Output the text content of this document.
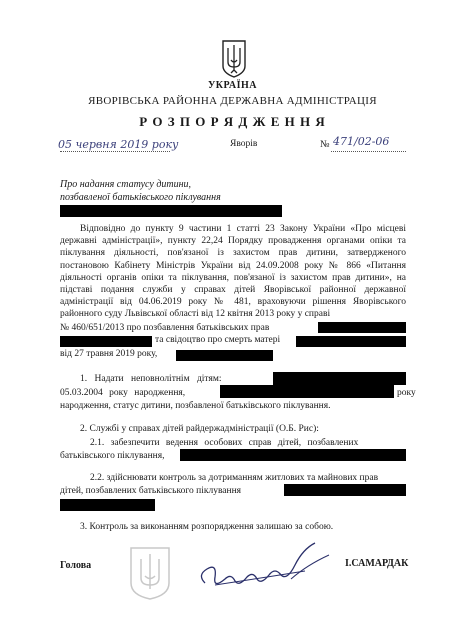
УКРАЇНА
ЯВОРІВСЬКА РАЙОННА ДЕРЖАВНА АДМІНІСТРАЦІЯ
Р О З П О Р Я Д Ж Е Н Н Я
05 червня 2019 року	Яворів	№ 471/02-06

Про надання статусу дитини,

позбавленої батьківського піклування

Відповідно до пункту 9 частини 1 статті 23 Закону України «Про місцеві державні адміністрації», пункту 22,24 Порядку провадження органами опіки та піклування діяльності, пов'язаної із захистом прав дитини, затвердженого постановою Кабінету Міністрів України від 24.09.2008 року № 866 «Питання діяльності органів опіки та піклування, пов'язаної із захистом прав дитини», на підставі подання служби у справах дітей Яворівської районної державної адміністрації від 04.06.2019 року № 481, враховуючи рішення Яворівського районного суду Львівської області від 12 квітня 2013 року у справі

№ 460/651/2013 про позбавлення батьківських прав
та свідоцтво про смерть матері
від 27 травня 2019 року,
1. Надати неповнолітнім дітям:
05.03.2004 року народження,	року
народження, статус дитини, позбавленої батьківського піклування.
2. Службі у справах дітей райдержадміністрації (О.Б. Рис):
2.1. забезпечити ведення особових справ дітей, позбавлених
батьківського піклування,
2.2. здійснювати контроль за дотриманням житлових та майнових прав
дітей, позбавлених батьківського піклування
3. Контроль за виконанням розпорядження залишаю за собою.
Голова	І.САМАРДАК
